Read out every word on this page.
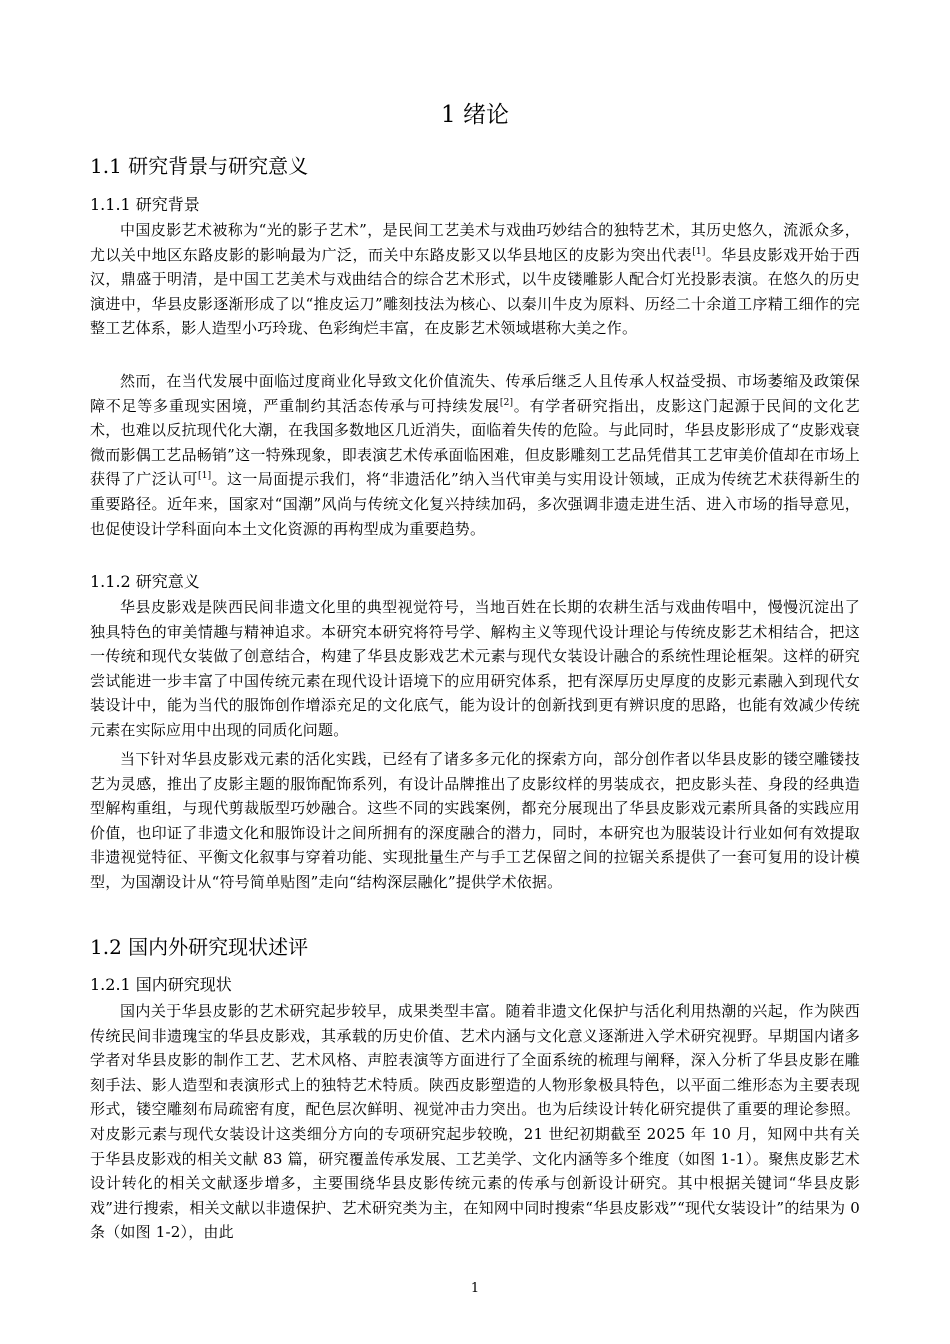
1 绪论
1.1 研究背景与研究意义
1.1.1 研究背景

中国皮影艺术被称为“光的影子艺术”，是民间工艺美术与戏曲巧妙结合的独特艺术，其历史悠久，流派众多，尤以关中地区东路皮影的影响最为广泛，而关中东路皮影又以华县地区的皮影为突出代表[1]。华县皮影戏开始于西汉，鼎盛于明清，是中国工艺美术与戏曲结合的综合艺术形式，以牛皮镂雕影人配合灯光投影表演。在悠久的历史演进中，华县皮影逐渐形成了以“推皮运刀”雕刻技法为核心、以秦川牛皮为原料、历经二十余道工序精工细作的完整工艺体系，影人造型小巧玲珑、色彩绚烂丰富，在皮影艺术领域堪称大美之作。

然而，在当代发展中面临过度商业化导致文化价值流失、传承后继乏人且传承人权益受损、市场萎缩及政策保障不足等多重现实困境，严重制约其活态传承与可持续发展[2]。有学者研究指出，皮影这门起源于民间的文化艺术，也难以反抗现代化大潮，在我国多数地区几近消失，面临着失传的危险。与此同时，华县皮影形成了“皮影戏衰微而影偶工艺品畅销”这一特殊现象，即表演艺术传承面临困难，但皮影雕刻工艺品凭借其工艺审美价值却在市场上获得了广泛认可[1]。这一局面提示我们，将“非遗活化”纳入当代审美与实用设计领域，正成为传统艺术获得新生的重要路径。近年来，国家对“国潮”风尚与传统文化复兴持续加码，多次强调非遗走进生活、进入市场的指导意见，也促使设计学科面向本土文化资源的再构型成为重要趋势。

1.1.2 研究意义

华县皮影戏是陕西民间非遗文化里的典型视觉符号，当地百姓在长期的农耕生活与戏曲传唱中，慢慢沉淀出了独具特色的审美情趣与精神追求。本研究本研究将符号学、解构主义等现代设计理论与传统皮影艺术相结合，把这一传统和现代女装做了创意结合，构建了华县皮影戏艺术元素与现代女装设计融合的系统性理论框架。这样的研究尝试能进一步丰富了中国传统元素在现代设计语境下的应用研究体系，把有深厚历史厚度的皮影元素融入到现代女装设计中，能为当代的服饰创作增添充足的文化底气，能为设计的创新找到更有辨识度的思路，也能有效减少传统元素在实际应用中出现的同质化问题。

当下针对华县皮影戏元素的活化实践，已经有了诸多多元化的探索方向，部分创作者以华县皮影的镂空雕镂技艺为灵感，推出了皮影主题的服饰配饰系列，有设计品牌推出了皮影纹样的男装成衣，把皮影头茬、身段的经典造型解构重组，与现代剪裁版型巧妙融合。这些不同的实践案例，都充分展现出了华县皮影戏元素所具备的实践应用价值，也印证了非遗文化和服饰设计之间所拥有的深度融合的潜力，同时，本研究也为服装设计行业如何有效提取非遗视觉特征、平衡文化叙事与穿着功能、实现批量生产与手工艺保留之间的拉锯关系提供了一套可复用的设计模型，为国潮设计从“符号简单贴图”走向“结构深层融化”提供学术依据。

1.2 国内外研究现状述评
1.2.1 国内研究现状

国内关于华县皮影的艺术研究起步较早，成果类型丰富。随着非遗文化保护与活化利用热潮的兴起，作为陕西传统民间非遗瑰宝的华县皮影戏，其承载的历史价值、艺术内涵与文化意义逐渐进入学术研究视野。早期国内诸多学者对华县皮影的制作工艺、艺术风格、声腔表演等方面进行了全面系统的梳理与阐释，深入分析了华县皮影在雕刻手法、影人造型和表演形式上的独特艺术特质。陕西皮影塑造的人物形象极具特色，以平面二维形态为主要表现形式，镂空雕刻布局疏密有度，配色层次鲜明、视觉冲击力突出。也为后续设计转化研究提供了重要的理论参照。对皮影元素与现代女装设计这类细分方向的专项研究起步较晚，21 世纪初期截至 2025 年 10 月，知网中共有关于华县皮影戏的相关文献 83 篇，研究覆盖传承发展、工艺美学、文化内涵等多个维度（如图 1-1）。聚焦皮影艺术设计转化的相关文献逐步增多，主要围绕华县皮影传统元素的传承与创新设计研究。其中根据关键词“华县皮影戏”进行搜索，相关文献以非遗保护、艺术研究类为主，在知网中同时搜索“华县皮影戏”“现代女装设计”的结果为 0 条（如图 1-2），由此

1
